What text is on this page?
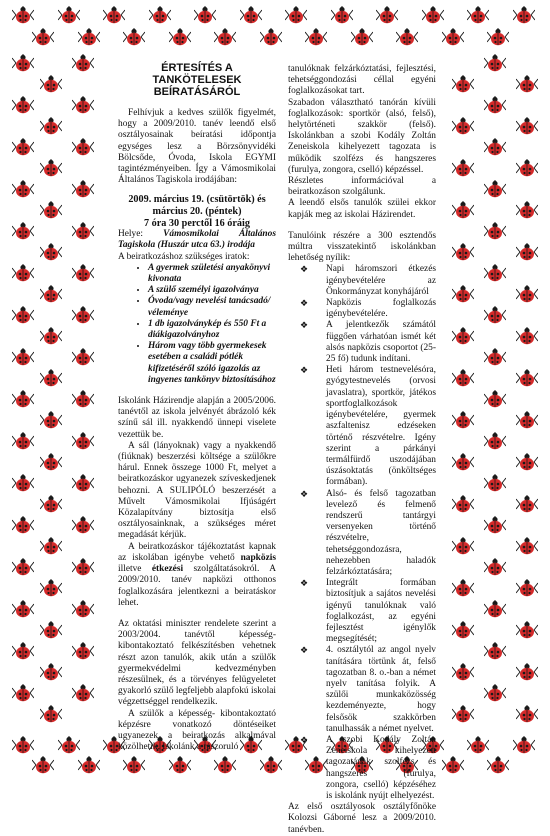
ÉRTESÍTÉS A TANKÖTELESEK
BEÍRATÁSÁRÓL

Felhívjuk a kedves szülők figyelmét, hogy a 2009/2010. tanév leendő első osztályosainak beíratási időpontja egységes lesz a Börzsönyvidéki Bölcsőde, Óvoda, Iskola EGYMI tagintézményeiben. Így a Vámosmikolai Általános Tagiskola irodájában:

2009. március 19. (csütörtök) és március 20. (péntek)
7 óra 30 perctől 16 óráig

Helye: Vámosmikolai Általános Tagiskola (Huszár utca 63.) irodája

A beiratkozáshoz szükséges iratok:

• A gyermek születési anyakönyvi kivonata
• A szülő személyi igazolványa
• Óvoda/vagy nevelési tanácsadó/ véleménye
• 1 db igazolványkép és 550 Ft a diákigazolványhoz
• Három vagy több gyermekesek esetében a családi pótlék kifizetéséről szóló igazolás az ingyenes tankönyv biztosításához

Iskolánk Házirendje alapján a 2005/2006. tanévtől az iskola jelvényét ábrázoló kék színű sál ill. nyakkendő ünnepi viselete vezettük be.

A sál (lányoknak) vagy a nyakkendő (fiúknak) beszerzési költsége a szülőkre hárul. Ennek összege 1000 Ft, melyet a beiratkozáskor ugyanezek szíveskedjenek behozni. A SULIPÓLÓ beszerzését a Művelt Vámosmikolai Ifjúságért Közalapítvány biztosítja első osztályosainknak, a szükséges méret megadását kérjük.

A beiratkozáskor tájékoztatást kapnak az iskolában igénybe vehető napközis illetve étkezési szolgáltatásokról. A 2009/2010. tanév napközi otthonos foglalkozására jelentkezni a beiratáskor lehet.

Az oktatási miniszter rendelete szerint a 2003/2004. tanévtől képesség-kibontakoztató felkészítésben vehetnek részt azon tanulók, akik után a szülők gyermekvédelmi kedvezményben részesülnek, és a törvényes felügyeletet gyakorló szülő legfeljebb alapfokú iskolai végzettséggel rendelkezik.

A szülők a képesség- kibontakoztató képzésre vonatkozó döntéseiket ugyanezek a beiratkozás alkalmával közölhetik. Iskolánk a rászoruló

tanulóknak felzárkóztatási, fejlesztési, tehetséggondozási céllal egyéni foglalkozásokat tart.

Szabadon választható tanórán kívüli foglalkozások: sportkör (alsó, felső), helytörténeti szakkör (felső). Iskolánkban a szobi Kodály Zoltán Zeneiskola kihelyezett tagozata is működik szolfézs és hangszeres (furulya, zongora, cselló) képzéssel.

Részletes információval a beiratkozáson szolgálunk.

A leendő elsős tanulók szülei ekkor kapják meg az iskolai Házirendet.

Tanulóink részére a 300 esztendős múltra visszatekintő iskolánkban lehetőség nyílik:

❖ Napi háromszori étkezés igénybevételére az Önkormányzat konyhájáról
❖ Napközis foglalkozás igénybevételére.
❖ A jelentkezők számától függően várhatóan ismét két alsós napközis csoportot (25-25 fő) tudunk indítani.
❖ Heti három testnevelésóra, gyógytestnevelés (orvosi javaslatra), sportkör, játékos sportfoglalkozások igénybevételére, gyermek aszfaltenisz edzéseken történő részvételre. Igény szerint a párkányi termálfürdő uszodájában úszásoktatás (önköltséges formában).
❖ Alsó- és felső tagozatban levelező és felmenő rendszerű tantárgyi versenyeken történő részvételre, tehetséggondozásra, nehezebben haladók felzárkóztatására;
❖ Integrált formában biztosítjuk a sajátos nevelési igényű tanulóknak való foglalkozást, az egyéni fejlesztést igénylők megsegítését;
❖ 4. osztálytól az angol nyelv tanítására törtünk át, felső tagozatban 8. o.-ban a német nyelv tanítása folyik. A szülői munkaközösség kezdeményezte, hogy felsősök szakkörben tanulhassák a német nyelvet.
❖ A szobi Kodály Zoltán Zeneiskola kihelyezett tagozatának szolfézs és hangszeres (furulya, zongora, cselló) képzéséhez is iskolánk nyújt elhelyezést.

Az első osztályosok osztályfőnöke Kolozsi Gáborné lesz a 2009/2010. tanévben.
